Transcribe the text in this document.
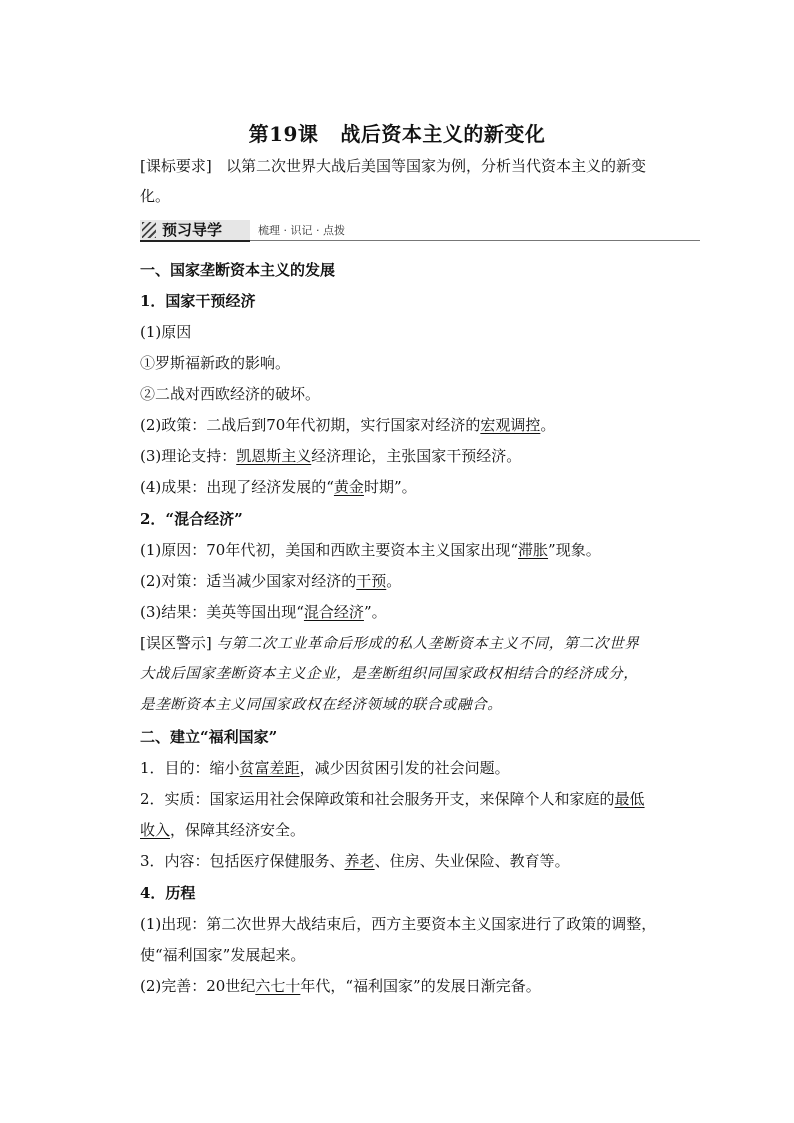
第19课 战后资本主义的新变化
[课标要求] 以第二次世界大战后美国等国家为例，分析当代资本主义的新变
化。
预习导学	梳理 · 识记 · 点拨
一、国家垄断资本主义的发展
1．国家干预经济
(1)原因
①罗斯福新政的影响。
②二战对西欧经济的破坏。
(2)政策：二战后到70年代初期，实行国家对经济的宏观调控。
(3)理论支持：凯恩斯主义经济理论，主张国家干预经济。
(4)成果：出现了经济发展的“黄金时期”。
2．“混合经济”
(1)原因：70年代初，美国和西欧主要资本主义国家出现“滞胀”现象。
(2)对策：适当减少国家对经济的干预。
(3)结果：美英等国出现“混合经济”。
[误区警示] 与第二次工业革命后形成的私人垄断资本主义不同，第二次世界
大战后国家垄断资本主义企业，是垄断组织同国家政权相结合的经济成分，
是垄断资本主义同国家政权在经济领域的联合或融合。
二、建立“福利国家”
1．目的：缩小贫富差距，减少因贫困引发的社会问题。
2．实质：国家运用社会保障政策和社会服务开支，来保障个人和家庭的最低
收入，保障其经济安全。
3．内容：包括医疗保健服务、养老、住房、失业保险、教育等。
4．历程
(1)出现：第二次世界大战结束后，西方主要资本主义国家进行了政策的调整，
使“福利国家”发展起来。
(2)完善：20世纪六七十年代，“福利国家”的发展日渐完备。
